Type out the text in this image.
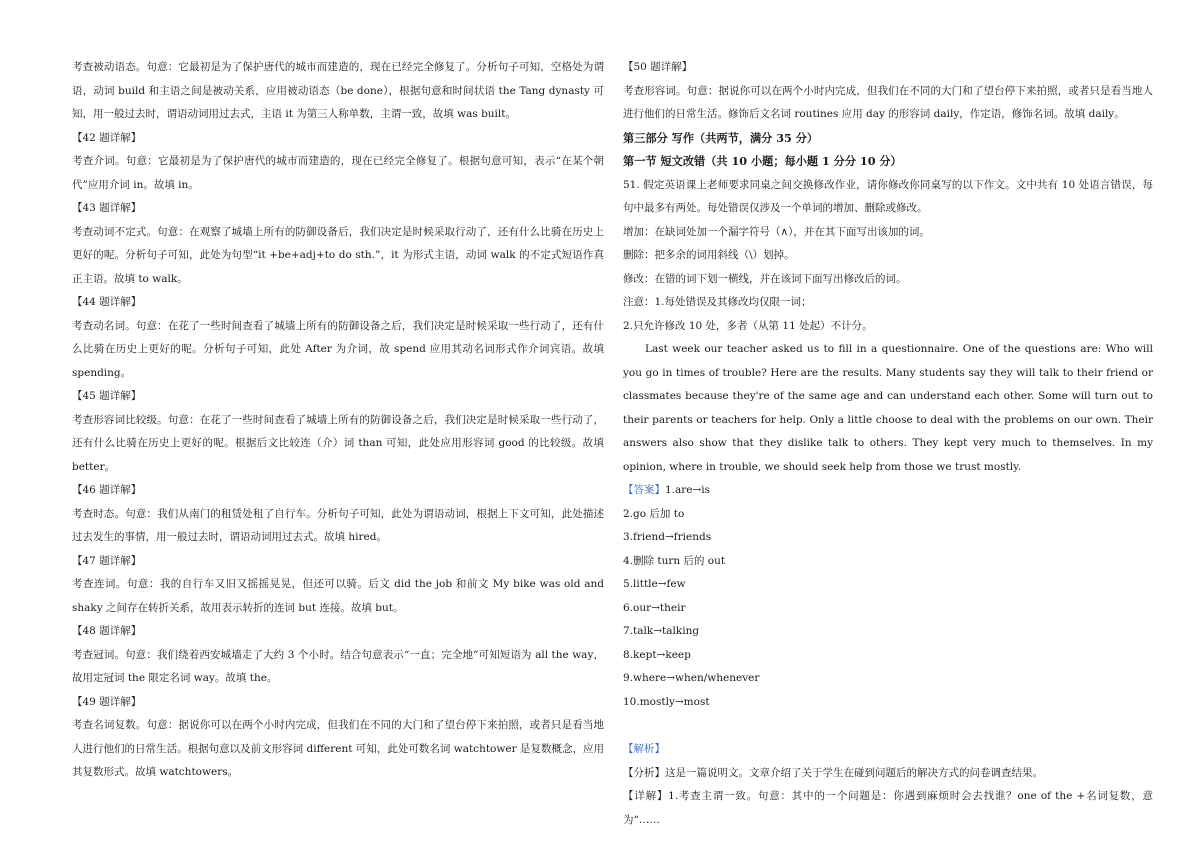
考查被动语态。句意：它最初是为了保护唐代的城市而建造的，现在已经完全修复了。分析句子可知，空格处为谓语，动词 build 和主语之间是被动关系，应用被动语态（be done），根据句意和时间状语 the Tang dynasty 可知，用一般过去时，谓语动词用过去式，主语 it 为第三人称单数，主谓一致，故填 was built。

【42 题详解】

考查介词。句意：它最初是为了保护唐代的城市而建造的，现在已经完全修复了。根据句意可知，表示“在某个朝代”应用介词 in。故填 in。

【43 题详解】

考查动词不定式。句意：在观察了城墙上所有的防御设备后，我们决定是时候采取行动了，还有什么比骑在历史上更好的呢。分析句子可知，此处为句型“it +be+adj+to do sth.”，it 为形式主语，动词 walk 的不定式短语作真正主语。故填 to walk。

【44 题详解】

考查动名词。句意：在花了一些时间查看了城墙上所有的防御设备之后，我们决定是时候采取一些行动了，还有什么比骑在历史上更好的呢。分析句子可知，此处 After 为介词，故 spend 应用其动名词形式作介词宾语。故填 spending。

【45 题详解】

考查形容词比较级。句意：在花了一些时间查看了城墙上所有的防御设备之后，我们决定是时候采取一些行动了，还有什么比骑在历史上更好的呢。根据后文比较连（介）词 than 可知，此处应用形容词 good 的比较级。故填 better。

【46 题详解】

考查时态。句意：我们从南门的租赁处租了自行车。分析句子可知，此处为谓语动词，根据上下文可知，此处描述过去发生的事情，用一般过去时，谓语动词用过去式。故填 hired。

【47 题详解】

考查连词。句意：我的自行车又旧又摇摇晃晃，但还可以骑。后文 did the job 和前文 My bike was old and shaky 之间存在转折关系，故用表示转折的连词 but 连接。故填 but。

【48 题详解】

考查冠词。句意：我们绕着西安城墙走了大约 3 个小时。结合句意表示“一直；完全地”可知短语为 all the way，故用定冠词 the 限定名词 way。故填 the。

【49 题详解】

考查名词复数。句意：据说你可以在两个小时内完成，但我们在不同的大门和了望台停下来拍照，或者只是看当地人进行他们的日常生活。根据句意以及前文形容词 different 可知，此处可数名词 watchtower 是复数概念，应用其复数形式。故填 watchtowers。

【50 题详解】

考查形容词。句意：据说你可以在两个小时内完成，但我们在不同的大门和了望台停下来拍照，或者只是看当地人进行他们的日常生活。修饰后文名词 routines 应用 day 的形容词 daily，作定语，修饰名词。故填 daily。

第三部分 写作（共两节，满分 35 分）

第一节 短文改错（共 10 小题；每小题 1 分分 10 分）

51. 假定英语课上老师要求同桌之间交换修改作业，请你修改你同桌写的以下作文。文中共有 10 处语言错误，每句中最多有两处。每处错误仅涉及一个单词的增加、删除或修改。

增加：在缺词处加一个漏字符号（∧），并在其下面写出该加的词。

删除：把多余的词用斜线（\）划掉。

修改：在错的词下划一横线，并在该词下面写出修改后的词。

注意：1.每处错误及其修改均仅限一词；

2.只允许修改 10 处，多者（从第 11 处起）不计分。

Last week our teacher asked us to fill in a questionnaire. One of the questions are: Who will you go in times of trouble? Here are the results. Many students say they will talk to their friend or classmates because they're of the same age and can understand each other. Some will turn out to their parents or teachers for help. Only a little choose to deal with the problems on our own. Their answers also show that they dislike talk to others. They kept very much to themselves. In my opinion, where in trouble, we should seek help from those we trust mostly.

【答案】1.are→is

2.go 后加 to

3.friend→friends

4.删除 turn 后的 out

5.little→few

6.our→their

7.talk→talking

8.kept→keep

9.where→when/whenever

10.mostly→most

【解析】

【分析】这是一篇说明文。文章介绍了关于学生在碰到问题后的解决方式的问卷调查结果。

【详解】1.考查主谓一致。句意：其中的一个问题是：你遇到麻烦时会去找谁？one of the +名词复数，意为“……
